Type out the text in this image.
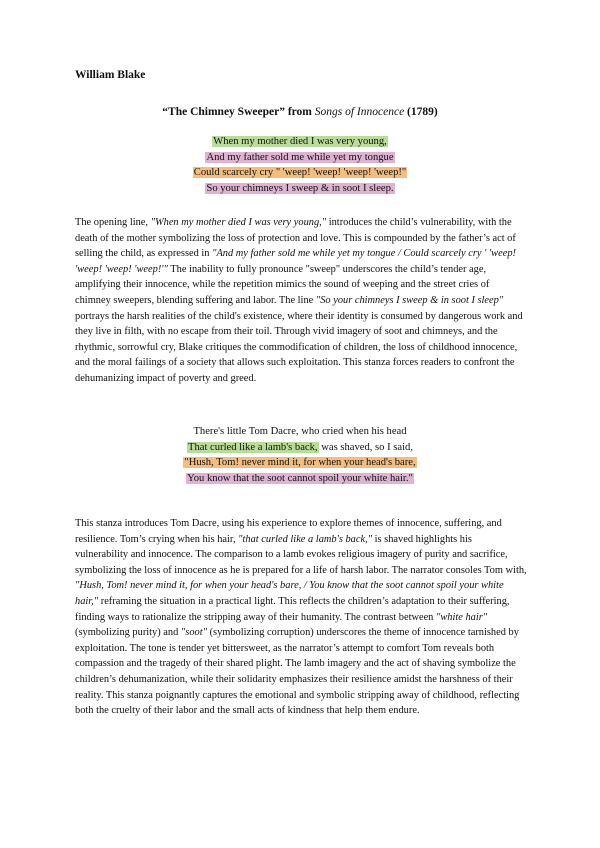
William Blake
“The Chimney Sweeper” from Songs of Innocence (1789)
When my mother died I was very young,
And my father sold me while yet my tongue
Could scarcely cry " 'weep! 'weep! 'weep! 'weep!"
So your chimneys I sweep & in soot I sleep.
The opening line, "When my mother died I was very young," introduces the child’s vulnerability, with the death of the mother symbolizing the loss of protection and love. This is compounded by the father’s act of selling the child, as expressed in "And my father sold me while yet my tongue / Could scarcely cry ' 'weep! 'weep! 'weep! 'weep!'" The inability to fully pronounce "sweep" underscores the child’s tender age, amplifying their innocence, while the repetition mimics the sound of weeping and the street cries of chimney sweepers, blending suffering and labor. The line "So your chimneys I sweep & in soot I sleep" portrays the harsh realities of the child's existence, where their identity is consumed by dangerous work and they live in filth, with no escape from their toil. Through vivid imagery of soot and chimneys, and the rhythmic, sorrowful cry, Blake critiques the commodification of children, the loss of childhood innocence, and the moral failings of a society that allows such exploitation. This stanza forces readers to confront the dehumanizing impact of poverty and greed.
There's little Tom Dacre, who cried when his head
That curled like a lamb's back, was shaved, so I said,
"Hush, Tom! never mind it, for when your head's bare,
You know that the soot cannot spoil your white hair."
This stanza introduces Tom Dacre, using his experience to explore themes of innocence, suffering, and resilience. Tom’s crying when his hair, "that curled like a lamb's back," is shaved highlights his vulnerability and innocence. The comparison to a lamb evokes religious imagery of purity and sacrifice, symbolizing the loss of innocence as he is prepared for a life of harsh labor. The narrator consoles Tom with, "Hush, Tom! never mind it, for when your head's bare, / You know that the soot cannot spoil your white hair," reframing the situation in a practical light. This reflects the children’s adaptation to their suffering, finding ways to rationalize the stripping away of their humanity. The contrast between "white hair" (symbolizing purity) and "soot" (symbolizing corruption) underscores the theme of innocence tarnished by exploitation. The tone is tender yet bittersweet, as the narrator’s attempt to comfort Tom reveals both compassion and the tragedy of their shared plight. The lamb imagery and the act of shaving symbolize the children’s dehumanization, while their solidarity emphasizes their resilience amidst the harshness of their reality. This stanza poignantly captures the emotional and symbolic stripping away of childhood, reflecting both the cruelty of their labor and the small acts of kindness that help them endure.
